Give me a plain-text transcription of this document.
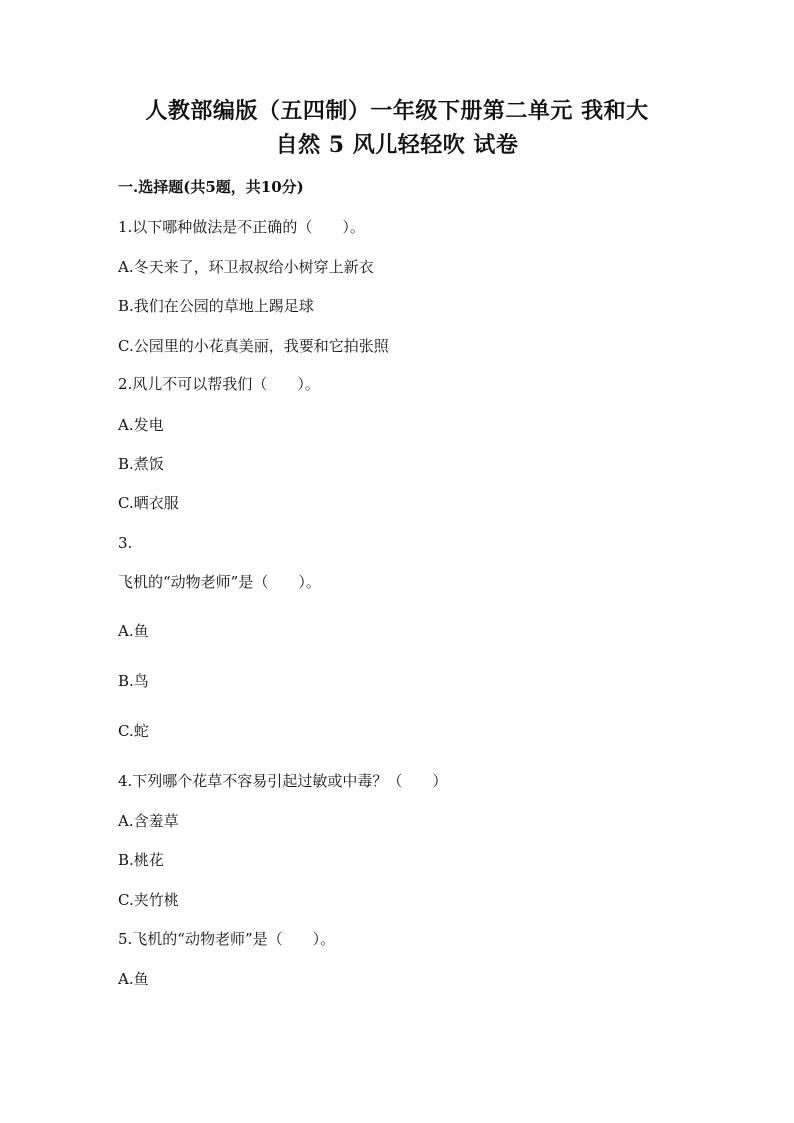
人教部编版（五四制）一年级下册第二单元 我和大
自然 5 风儿轻轻吹 试卷
一.选择题(共5题，共10分)
1.以下哪种做法是不正确的（　　）。
A.冬天来了，环卫叔叔给小树穿上新衣
B.我们在公园的草地上踢足球
C.公园里的小花真美丽，我要和它拍张照
2.风儿不可以帮我们（　　）。
A.发电
B.煮饭
C.晒衣服
3.
飞机的“动物老师”是（　　）。
A.鱼
B.鸟
C.蛇
4.下列哪个花草不容易引起过敏或中毒？（　　）
A.含羞草
B.桃花
C.夹竹桃
5.飞机的“动物老师”是（　　）。
A.鱼
